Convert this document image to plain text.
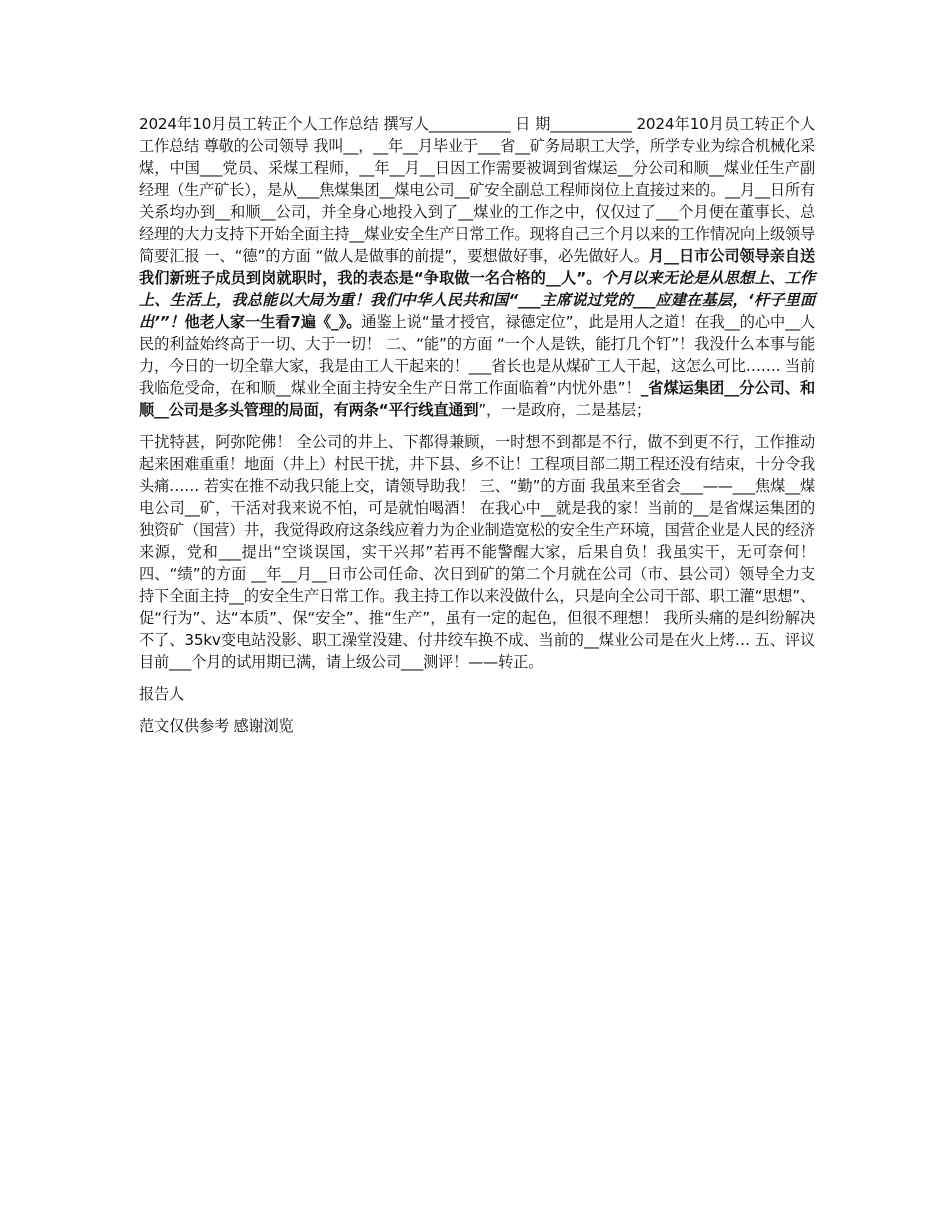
2024年10月员工转正个人工作总结 撰写人___________ 日 期___________ 2024年10月员工转正个人工作总结 尊敬的公司领导 我叫__，__年__月毕业于___省__矿务局职工大学，所学专业为综合机械化采煤，中国___党员、采煤工程师，__年__月__日因工作需要被调到省煤运__分公司和顺__煤业任生产副经理（生产矿长），是从___焦煤集团__煤电公司__矿安全副总工程师岗位上直接过来的。__月__日所有关系均办到__和顺__公司，并全身心地投入到了__煤业的工作之中，仅仅过了___个月便在董事长、总经理的大力支持下开始全面主持__煤业安全生产日常工作。现将自己三个月以来的工作情况向上级领导简要汇报 一、“德”的方面 “做人是做事的前提”，要想做好事，必先做好人。月__日市公司领导亲自送我们新班子成员到岗就职时，我的表态是“争取做一名合格的__人”。个月以来无论是从思想上、工作上、生活上，我总能以大局为重！我们中华人民共和国“___主席说过党的___应建在基层，‘杆子里面出’”！他老人家一生看7遍《_》。通鉴上说“量才授官，禄德定位”，此是用人之道！在我__的心中__人民的利益始终高于一切、大于一切！ 二、“能”的方面 “一个人是铁，能打几个钉”！我没什么本事与能力，今日的一切全靠大家，我是由工人干起来的！___省长也是从煤矿工人干起，这怎么可比……. 当前我临危受命，在和顺__煤业全面主持安全生产日常工作面临着“内忧外患”！_省煤运集团__分公司、和顺__公司是多头管理的局面，有两条“平行线直通到”，一是政府，二是基层；

干扰特甚，阿弥陀佛！ 全公司的井上、下都得兼顾，一时想不到都是不行，做不到更不行，工作推动起来困难重重！地面（井上）村民干扰，井下县、乡不让！工程项目部二期工程还没有结束，十分令我头痛…… 若实在推不动我只能上交，请领导助我！ 三、“勤”的方面 我虽来至省会___——___焦煤__煤电公司__矿，干活对我来说不怕，可是就怕喝酒！ 在我心中__就是我的家！当前的__是省煤运集团的独资矿（国营）井，我觉得政府这条线应着力为企业制造宽松的安全生产环境，国营企业是人民的经济来源，党和___提出“空谈误国，实干兴邦”若再不能警醒大家，后果自负！我虽实干，无可奈何！ 四、“绩”的方面 __年__月__日市公司任命、次日到矿的第二个月就在公司（市、县公司）领导全力支持下全面主持__的安全生产日常工作。我主持工作以来没做什么，只是向全公司干部、职工灌“思想”、促“行为”、达“本质”、保“安全”、推“生产”，虽有一定的起色，但很不理想！ 我所头痛的是纠纷解决不了、35kv变电站没影、职工澡堂没建、付井绞车换不成、当前的__煤业公司是在火上烤… 五、评议 目前___个月的试用期已满，请上级公司___测评！——转正。

报告人

范文仅供参考 感谢浏览
